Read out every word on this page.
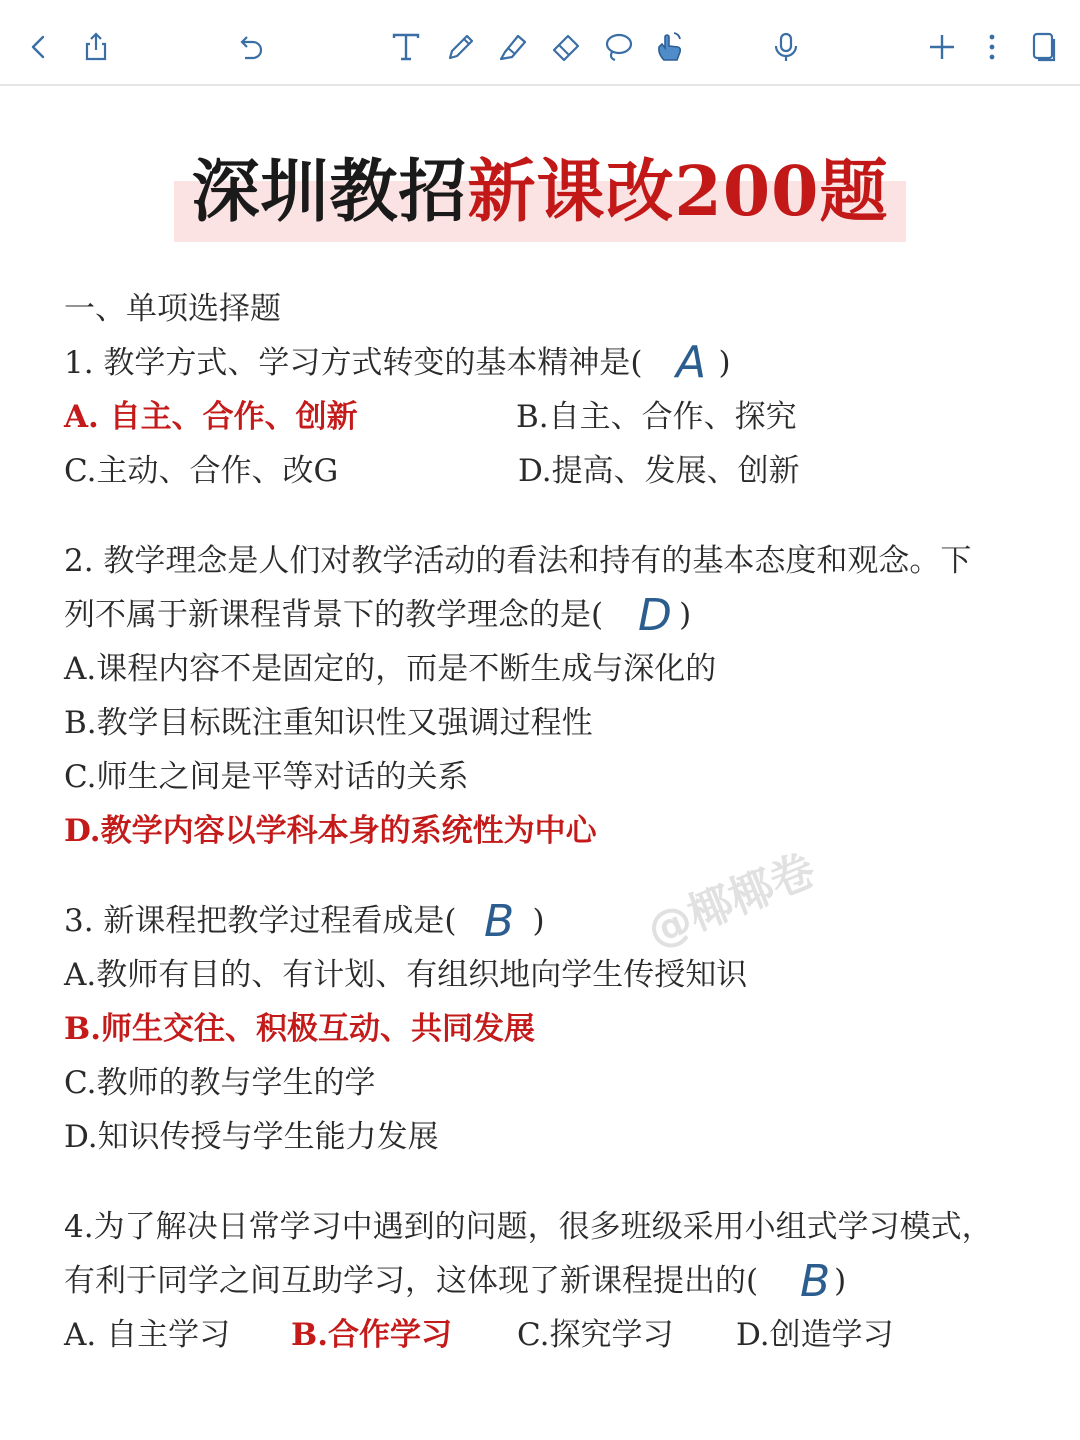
深圳教招新课改200题
一、单项选择题
1. 教学方式、学习方式转变的基本精神是( )
A
A. 自主、合作、创新	B.自主、合作、探究
C.主动、合作、改G	D.提高、发展、创新
2. 教学理念是人们对教学活动的看法和持有的基本态度和观念。下
列不属于新课程背景下的教学理念的是( )
D
A.课程内容不是固定的，而是不断生成与深化的
B.教学目标既注重知识性又强调过程性
C.师生之间是平等对话的关系
D.教学内容以学科本身的系统性为中心
3. 新课程把教学过程看成是( )
B
A.教师有目的、有计划、有组织地向学生传授知识
B.师生交往、积极互动、共同发展
C.教师的教与学生的学
D.知识传授与学生能力发展
4.为了解决日常学习中遇到的问题，很多班级采用小组式学习模式，
有利于同学之间互助学习，这体现了新课程提出的( )
B
A. 自主学习 B.合作学习 C.探究学习 D.创造学习
@椰椰卷
